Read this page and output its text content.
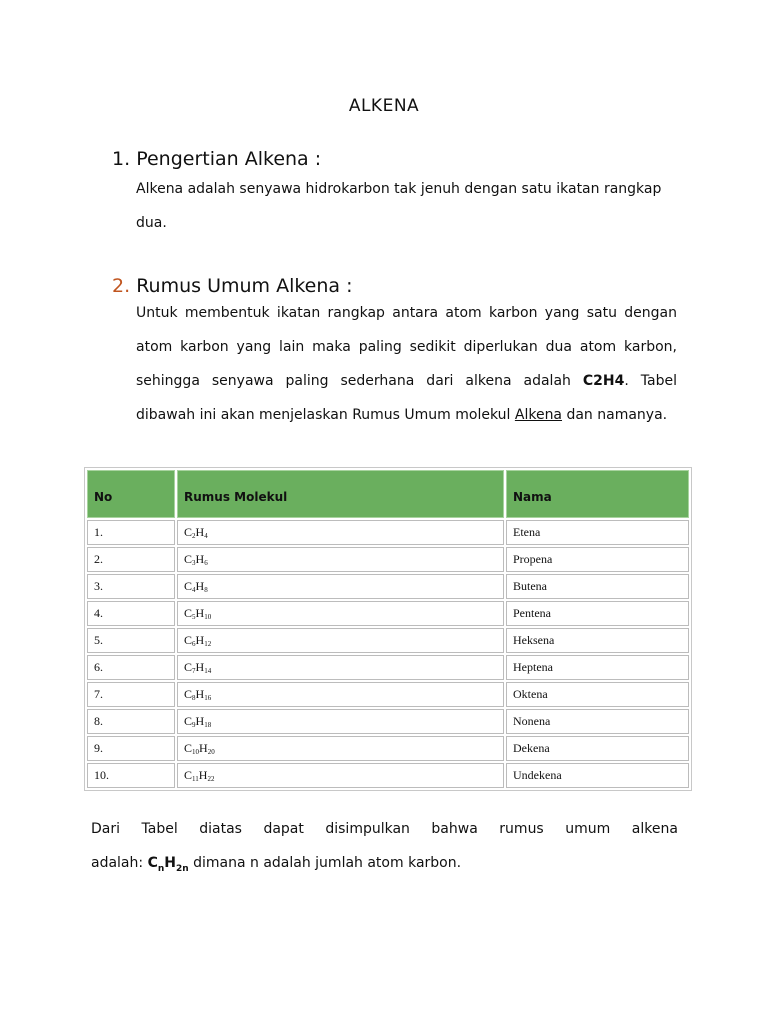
ALKENA
1. Pengertian Alkena :
Alkena adalah senyawa hidrokarbon tak jenuh dengan satu ikatan rangkap dua.
2. Rumus Umum Alkena :
Untuk membentuk ikatan rangkap antara atom karbon yang satu dengan atom karbon yang lain maka paling sedikit diperlukan dua atom karbon, sehingga senyawa paling sederhana dari alkena adalah C2H4. Tabel dibawah ini akan menjelaskan Rumus Umum molekul Alkena dan namanya.
No	Rumus Molekul	Nama
1.	$C_2H_4$	Etena
2.	$C_3H_6$	Propena
3.	$C_4H_8$	Butena
4.	$C_5H_{10}$	Pentena
5.	$C_6H_{12}$	Heksena
6.	$C_7H_{14}$	Heptena
7.	$C_8H_{16}$	Oktena
8.	$C_9H_{18}$	Nonena
9.	$C_{10}H_{20}$	Dekena
10.	$C_{11}H_{22}$	Undekena
Dari Tabel diatas dapat disimpulkan bahwa rumus umum alkena
adalah: $C_nH_{2n}$ dimana n adalah jumlah atom karbon.
